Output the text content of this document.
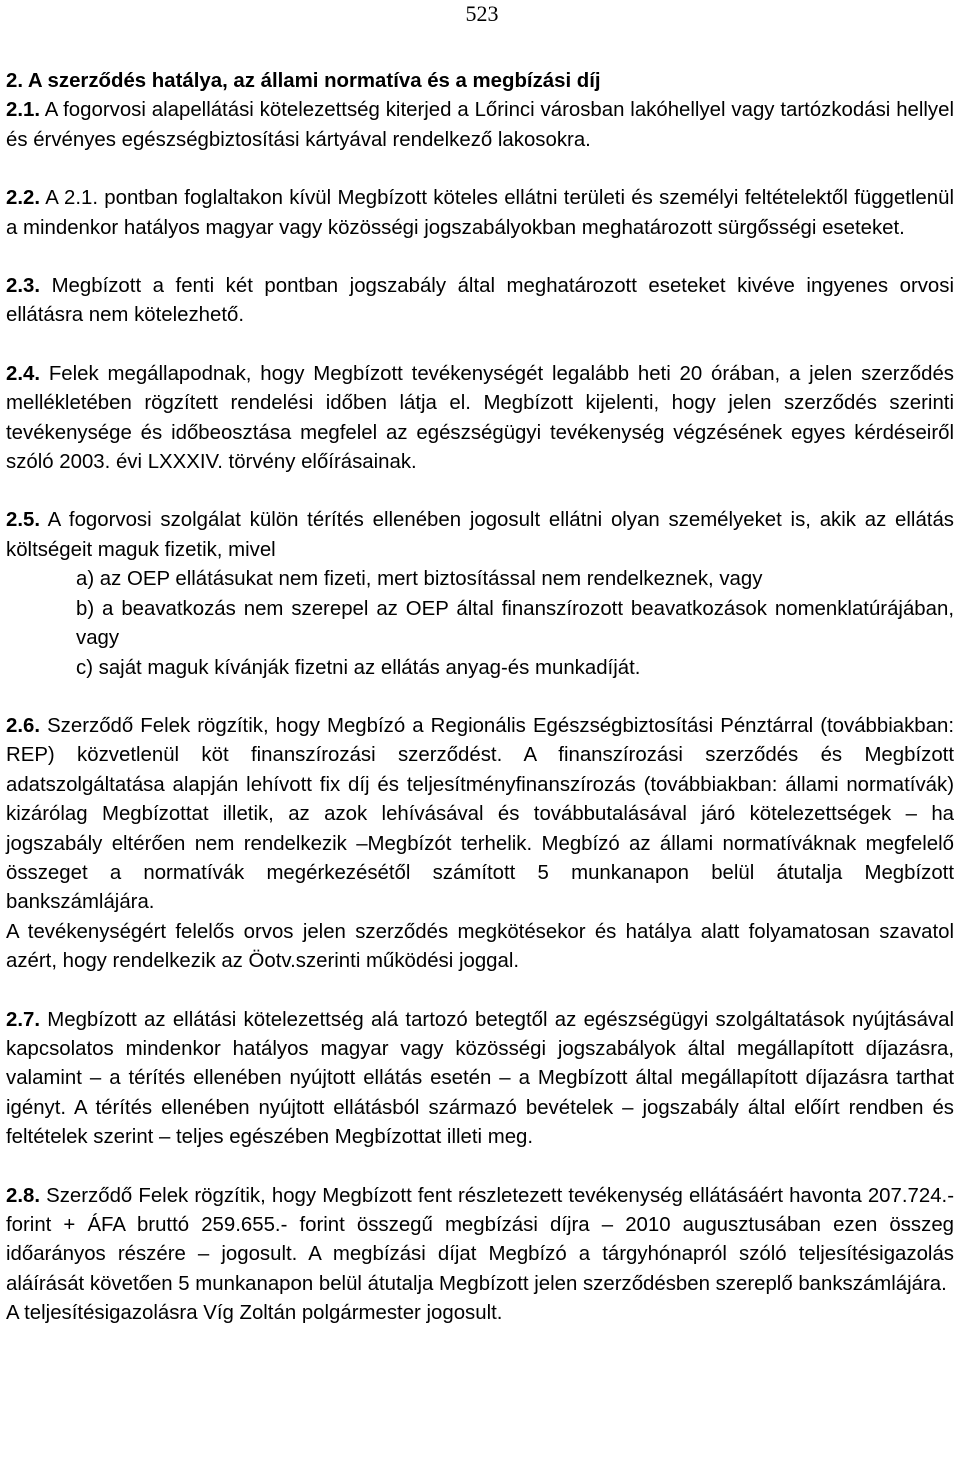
523

2. A szerződés hatálya, az állami normatíva és a megbízási díj

2.1. A fogorvosi alapellátási kötelezettség kiterjed a Lőrinci városban lakóhellyel vagy tartózkodási hellyel és érvényes egészségbiztosítási kártyával rendelkező lakosokra.

2.2. A 2.1. pontban foglaltakon kívül Megbízott köteles ellátni területi és személyi feltételektől függetlenül a mindenkor hatályos magyar vagy közösségi jogszabályokban meghatározott sürgősségi eseteket.

2.3. Megbízott a fenti két pontban jogszabály által meghatározott eseteket kivéve ingyenes orvosi ellátásra nem kötelezhető.

2.4. Felek megállapodnak, hogy Megbízott tevékenységét legalább heti 20 órában, a jelen szerződés mellékletében rögzített rendelési időben látja el. Megbízott kijelenti, hogy jelen szerződés szerinti tevékenysége és időbeosztása megfelel az egészségügyi tevékenység végzésének egyes kérdéseiről szóló 2003. évi LXXXIV. törvény előírásainak.

2.5. A fogorvosi szolgálat külön térítés ellenében jogosult ellátni olyan személyeket is, akik az ellátás költségeit maguk fizetik, mivel

a) az OEP ellátásukat nem fizeti, mert biztosítással nem rendelkeznek, vagy
b) a beavatkozás nem szerepel az OEP által finanszírozott beavatkozások nomenklatúrájában, vagy
c) saját maguk kívánják fizetni az ellátás anyag-és munkadíját.

2.6. Szerződő Felek rögzítik, hogy Megbízó a Regionális Egészségbiztosítási Pénztárral (továbbiakban: REP) közvetlenül köt finanszírozási szerződést. A finanszírozási szerződés és Megbízott adatszolgáltatása alapján lehívott fix díj és teljesítményfinanszírozás (továbbiakban: állami normatívák) kizárólag Megbízottat illetik, az azok lehívásával és továbbutalásával járó kötelezettségek – ha jogszabály eltérően nem rendelkezik –Megbízót terhelik. Megbízó az állami normatíváknak megfelelő összeget a normatívák megérkezésétől számított 5 munkanapon belül átutalja Megbízott bankszámlájára.

A tevékenységért felelős orvos jelen szerződés megkötésekor és hatálya alatt folyamatosan szavatol azért, hogy rendelkezik az Öotv.szerinti működési joggal.

2.7. Megbízott az ellátási kötelezettség alá tartozó betegtől az egészségügyi szolgáltatások nyújtásával kapcsolatos mindenkor hatályos magyar vagy közösségi jogszabályok által megállapított díjazásra, valamint – a térítés ellenében nyújtott ellátás esetén – a Megbízott által megállapított díjazásra tarthat igényt. A térítés ellenében nyújtott ellátásból származó bevételek – jogszabály által előírt rendben és feltételek szerint – teljes egészében Megbízottat illeti meg.

2.8. Szerződő Felek rögzítik, hogy Megbízott fent részletezett tevékenység ellátásáért havonta 207.724.- forint + ÁFA bruttó 259.655.- forint összegű megbízási díjra – 2010 augusztusában ezen összeg időarányos részére – jogosult. A megbízási díjat Megbízó a tárgyhónapról szóló teljesítésigazolás aláírását követően 5 munkanapon belül átutalja Megbízott jelen szerződésben szereplő bankszámlájára.

A teljesítésigazolásra Víg Zoltán polgármester jogosult.
